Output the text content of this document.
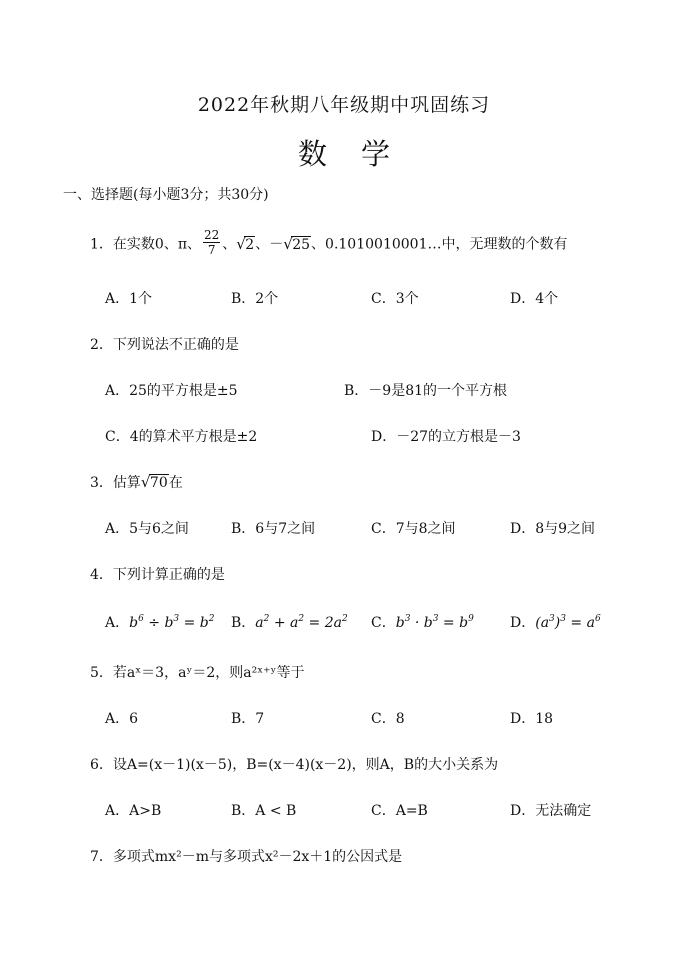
2022年秋期八年级期中巩固练习
数学
一、选择题(每小题3分；共30分)
1．在实数0、π、 $\frac{22}{7}$ 、 √ 2、－ √ 25、0.1010010001…中，无理数的个数有
A．1个	B．2个	C．3个	D．4个
2．下列说法不正确的是
A．25的平方根是±5	B．－9是81的一个平方根
C．4的算术平方根是±2	D．－27的立方根是－3
3．估算 √ 70在
A．5与6之间	B．6与7之间	C．7与8之间	D．8与9之间
4．下列计算正确的是
A．$b^6 \div b^3 = b^2$ B．$a^2 + a^2 = 2a^2$ C．$b^3 \cdot b^3 = b^9$	D．$(a^3)^3 = a^6$
5．若aˣ＝3，aʸ＝2，则a²ˣ⁺ʸ等于
A．6	B．7	C．8	D．18
6．设A=(x－1)(x－5)，B=(x－4)(x－2)，则A，B的大小关系为
A．A>B	B．A < B	C．A=B	D．无法确定
7．多项式mx²－m与多项式x²－2x＋1的公因式是
